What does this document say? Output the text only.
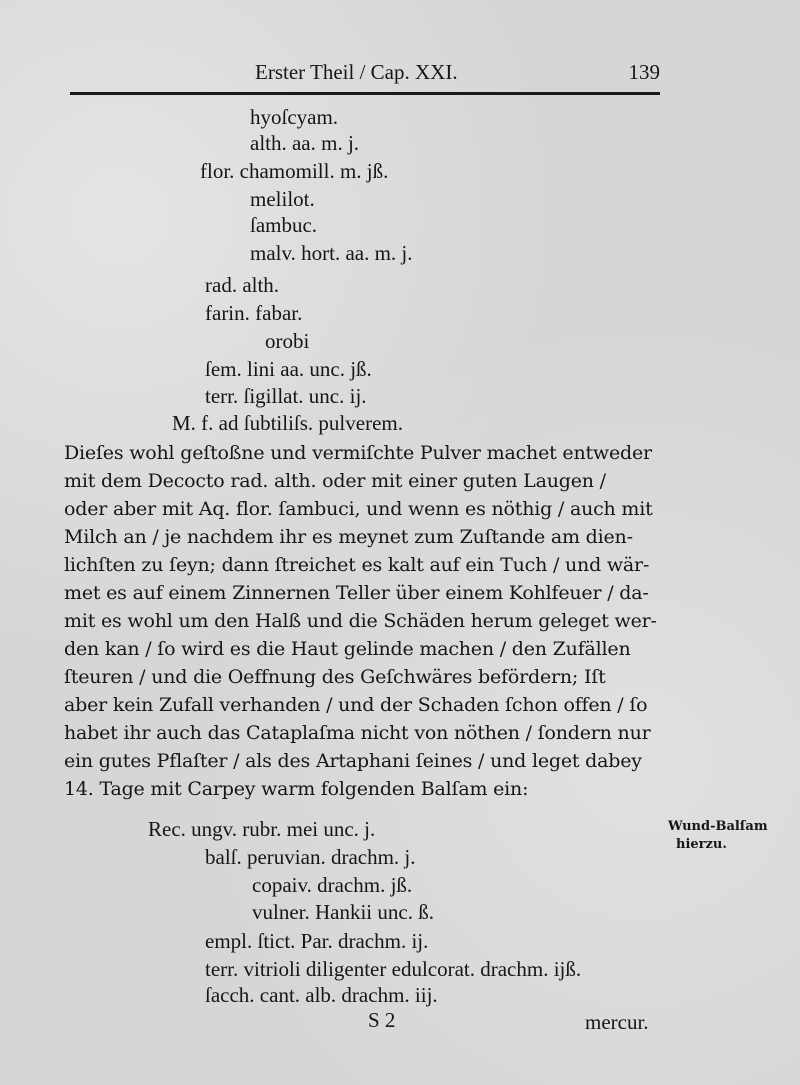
Erster Theil / Cap. XXI.	139
hyoſcyam.
alth. aa. m. j.
flor. chamomill. m. jß.
melilot.
ſambuc.
malv. hort. aa. m. j.
rad. alth.
farin. fabar.
orobi
ſem. lini aa. unc. jß.
terr. ſigillat. unc. ij.
M. f. ad ſubtiliſs. pulverem.
Dieſes wohl geſtoßne und vermiſchte Pulver machet entweder
mit dem Decocto rad. alth. oder mit einer guten Laugen /
oder aber mit Aq. flor. ſambuci, und wenn es nöthig / auch mit
Milch an / je nachdem ihr es meynet zum Zuſtande am dien-
lichſten zu ſeyn; dann ſtreichet es kalt auf ein Tuch / und wär-
met es auf einem Zinnernen Teller über einem Kohlfeuer / da-
mit es wohl um den Halß und die Schäden herum geleget wer-
den kan / ſo wird es die Haut gelinde machen / den Zufällen
ſteuren / und die Oeffnung des Geſchwäres befördern; Iſt
aber kein Zufall verhanden / und der Schaden ſchon offen / ſo
habet ihr auch das Cataplaſma nicht von nöthen / ſondern nur
ein gutes Pflaſter / als des Artaphani ſeines / und leget dabey
14. Tage mit Carpey warm folgenden Balſam ein:
Rec. ungv. rubr. mei unc. j.
balſ. peruvian. drachm. j.
copaiv. drachm. jß.
vulner. Hankii unc. ß.
empl. ſtict. Par. drachm. ij.
terr. vitrioli diligenter edulcorat. drachm. ijß.
ſacch. cant. alb. drachm. iij.
Wund-Balſam
hierzu.
S 2	mercur.
